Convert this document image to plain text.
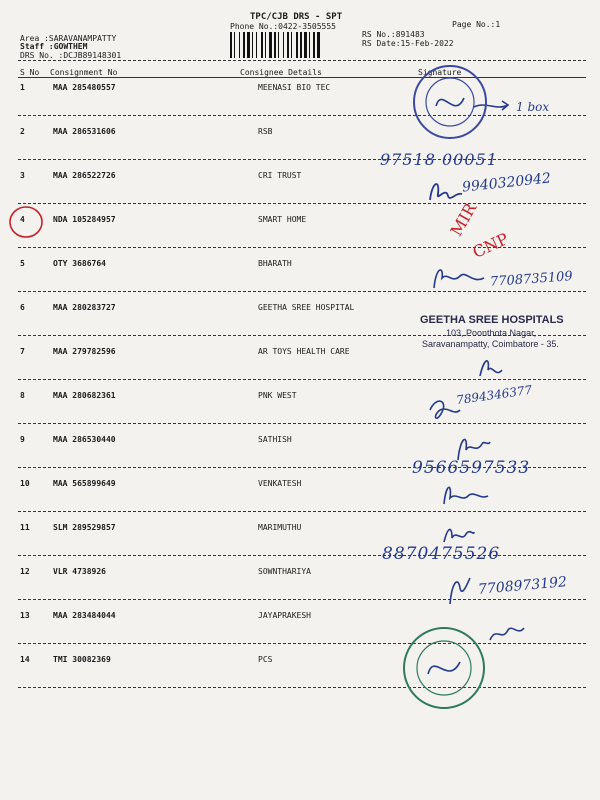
TPC/CJB DRS - SPT
Phone No.:0422-3505555	Page No.:1
Area :SARAVANAMPATTY
Staff :GOWTHEM
DRS No. :DCJB89148301
RS No.:891483
RS Date:15-Feb-2022
S No Consignment No	Consignee Details	Signature
1	MAA 285480557	MEENASI BIO TEC
2	MAA 286531606	RSB
3	MAA 286522726	CRI TRUST
4	NDA 105284957	SMART HOME
5	OTY 3686764	BHARATH
6	MAA 280283727	GEETHA SREE HOSPITAL
7	MAA 279782596	AR TOYS HEALTH CARE
8	MAA 280682361	PNK WEST
9	MAA 286530440	SATHISH
10	MAA 565899649	VENKATESH
11	SLM 289529857	MARIMUTHU
12	VLR 4738926	SOWNTHARIYA
13	MAA 283484044	JAYAPRAKESH
14	TMI 30082369	PCS
1 box
97518 00051
9940320942
MIR
CNP
7708735109
GEETHA SREE HOSPITALS
103, Poonthota Nagar,
Saravanampatty, Coimbatore - 35.
7894346377
9566597533
8870475526
7708973192
